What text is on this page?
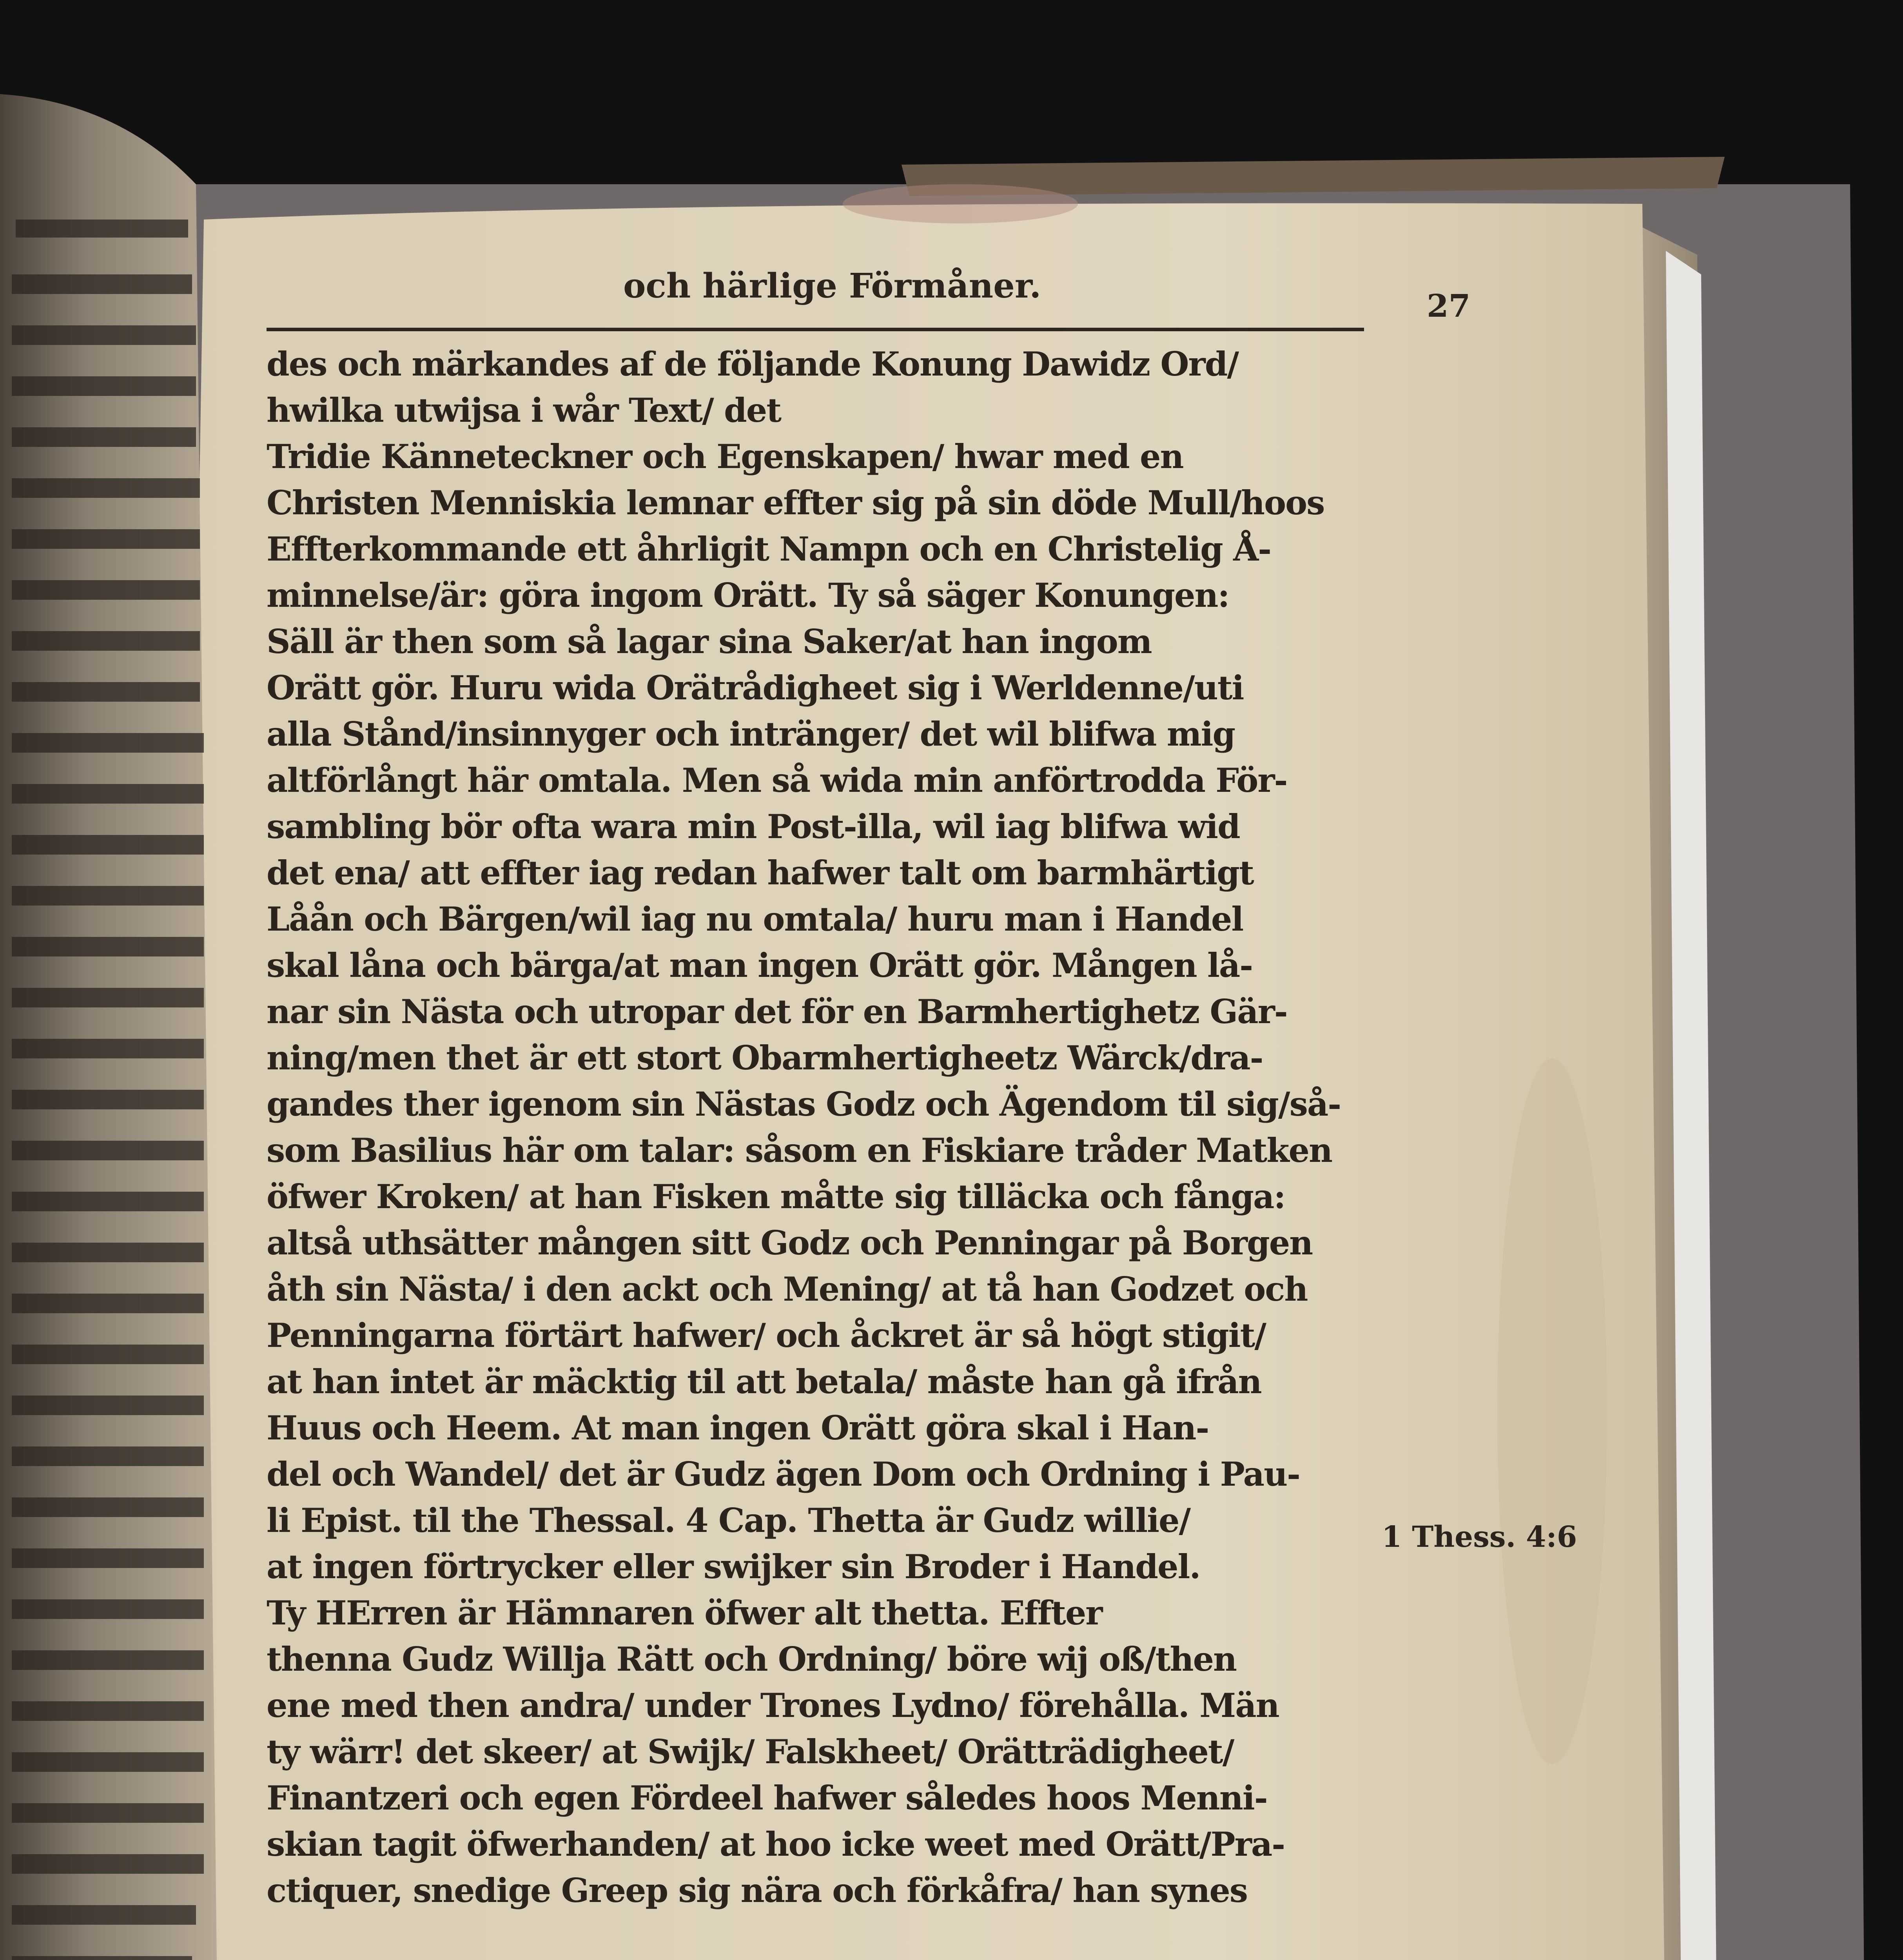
och härlige Förmåner.	27
des och märkandes af de följande Konung Dawidz Ord/
hwilka utwijsa i wår Text/ det
Tridie Känneteckner och Egenskapen/ hwar med en
Christen Menniskia lemnar effter sig på sin döde Mull/hoos
Effterkommande ett åhrligit Nampn och en Christelig Å-
minnelse/är: göra ingom Orätt. Ty så säger Konungen:
Säll är then som så lagar sina Saker/at han ingom
Orätt gör. Huru wida Orätrådigheet sig i Werldenne/uti
alla Stånd/insinnyger och intränger/ det wil blifwa mig
altförlångt här omtala. Men så wida min anförtrodda För-
sambling bör ofta wara min Post-illa, wil iag blifwa wid
det ena/ att effter iag redan hafwer talt om barmhärtigt
Låån och Bärgen/wil iag nu omtala/ huru man i Handel
skal låna och bärga/at man ingen Orätt gör. Mången lå-
nar sin Nästa och utropar det för en Barmhertighetz Gär-
ning/men thet är ett stort Obarmhertigheetz Wärck/dra-
gandes ther igenom sin Nästas Godz och Ägendom til sig/så-
som Basilius här om talar: såsom en Fiskiare tråder Matken
öfwer Kroken/ at han Fisken måtte sig tilläcka och fånga:
altså uthsätter mången sitt Godz och Penningar på Borgen
åth sin Nästa/ i den ackt och Mening/ at tå han Godzet och
Penningarna förtärt hafwer/ och åckret är så högt stigit/
at han intet är mäcktig til att betala/ måste han gå ifrån
Huus och Heem. At man ingen Orätt göra skal i Han-
del och Wandel/ det är Gudz ägen Dom och Ordning i Pau-
li Epist. til the Thessal. 4 Cap. Thetta är Gudz willie/
at ingen förtrycker eller swijker sin Broder i Handel.
Ty HErren är Hämnaren öfwer alt thetta. Effter
thenna Gudz Willja Rätt och Ordning/ böre wij oß/then
ene med then andra/ under Trones Lydno/ förehålla. Män
ty wärr! det skeer/ at Swijk/ Falskheet/ Orätträdigheet/
Finantzeri och egen Fördeel hafwer således hoos Menni-
skian tagit öfwerhanden/ at hoo icke weet med Orätt/Pra-
ctiquer, snedige Greep sig nära och förkåfra/ han synes
1 Thess. 4:6
